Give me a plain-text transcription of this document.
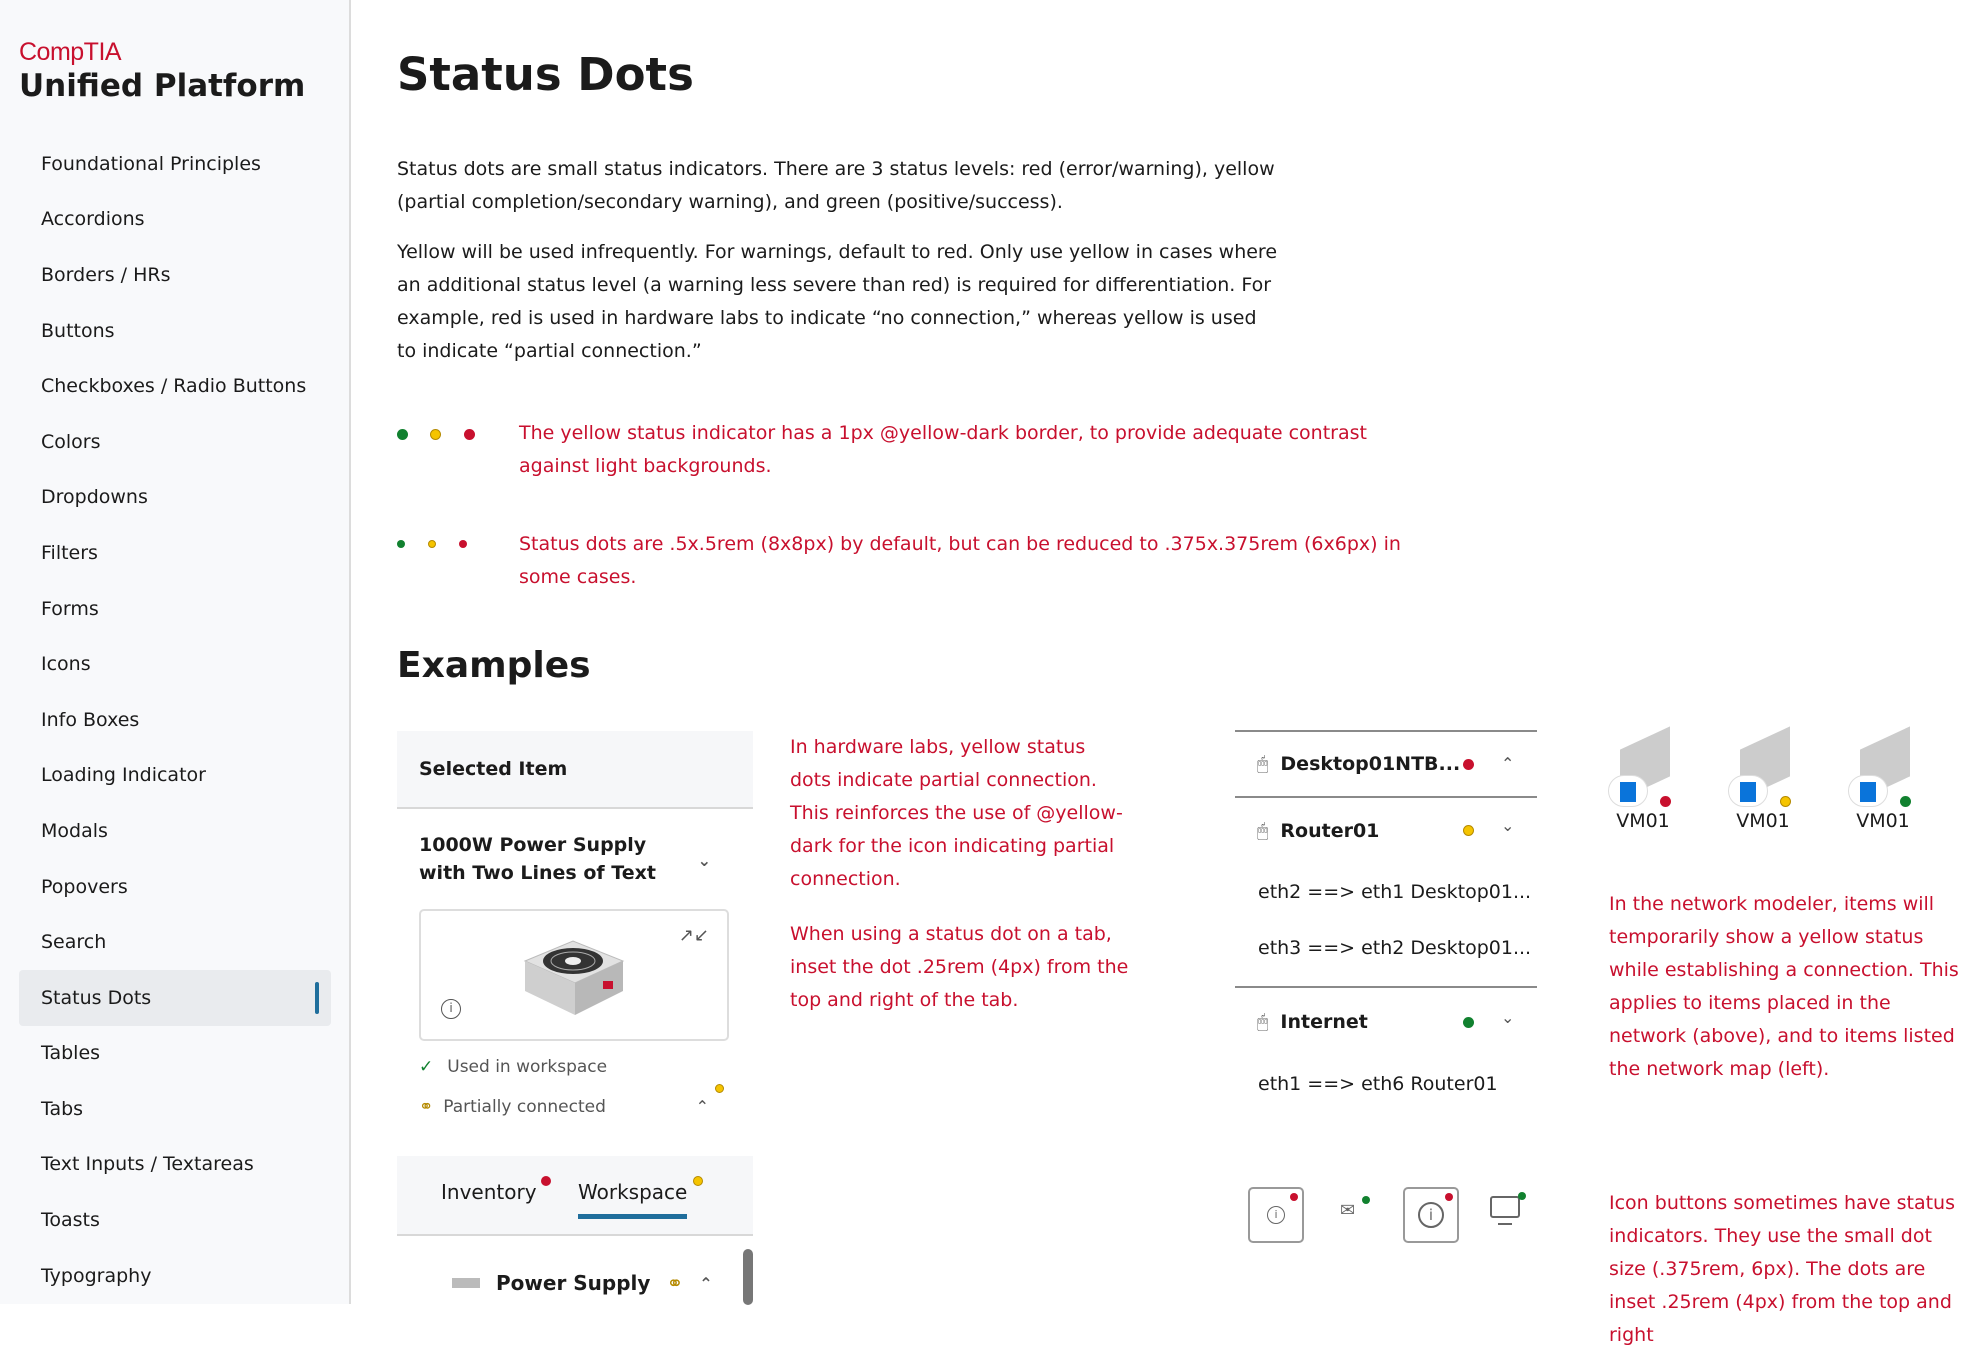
CompTIA
Unified Platform
Foundational Principles
Accordions
Borders / HRs
Buttons
Checkboxes / Radio Buttons
Colors
Dropdowns
Filters
Forms
Icons
Info Boxes
Loading Indicator
Modals
Popovers
Search
Status Dots
Tables
Tabs
Text Inputs / Textareas
Toasts
Typography
Status Dots
Status dots are small status indicators. There are 3 status levels: red (error/warning), yellow (partial completion/secondary warning), and green (positive/success).
Yellow will be used infrequently. For warnings, default to red. Only use yellow in cases where an additional status level (a warning less severe than red) is required for differentiation. For example, red is used in hardware labs to indicate “no connection,” whereas yellow is used to indicate “partial connection.”
The yellow status indicator has a 1px @yellow-dark border, to provide adequate contrast against light backgrounds.
Status dots are .5x.5rem (8x8px) by default, but can be reduced to .375x.375rem (6x6px) in some cases.
Examples
Selected Item
1000W Power Supply with Two Lines of Text
⌄
↗↙
i
✓ Used in workspace
⚭ Partially connected	⌃
Inventory Workspace
Power Supply ⚭ ⌃
In hardware labs, yellow status dots indicate partial connection. This reinforces the use of @yellow-dark for the icon indicating partial connection.
When using a status dot on a tab, inset the dot .25rem (4px) from the top and right of the tab.
🖱 Desktop01NTB...	⌃
🖱 Router01	⌄
eth2 ==> eth1 Desktop01...
eth3 ==> eth2 Desktop01...
🖱 Internet	⌄
eth1 ==> eth6 Router01
VM01	VM01	VM01
In the network modeler, items will temporarily show a yellow status while establishing a connection. This applies to items placed in the network (above), and to items listed the network map (left).
i	✉	i
Icon buttons sometimes have status indicators. They use the small dot size (.375rem, 6px). The dots are inset .25rem (4px) from the top and right
